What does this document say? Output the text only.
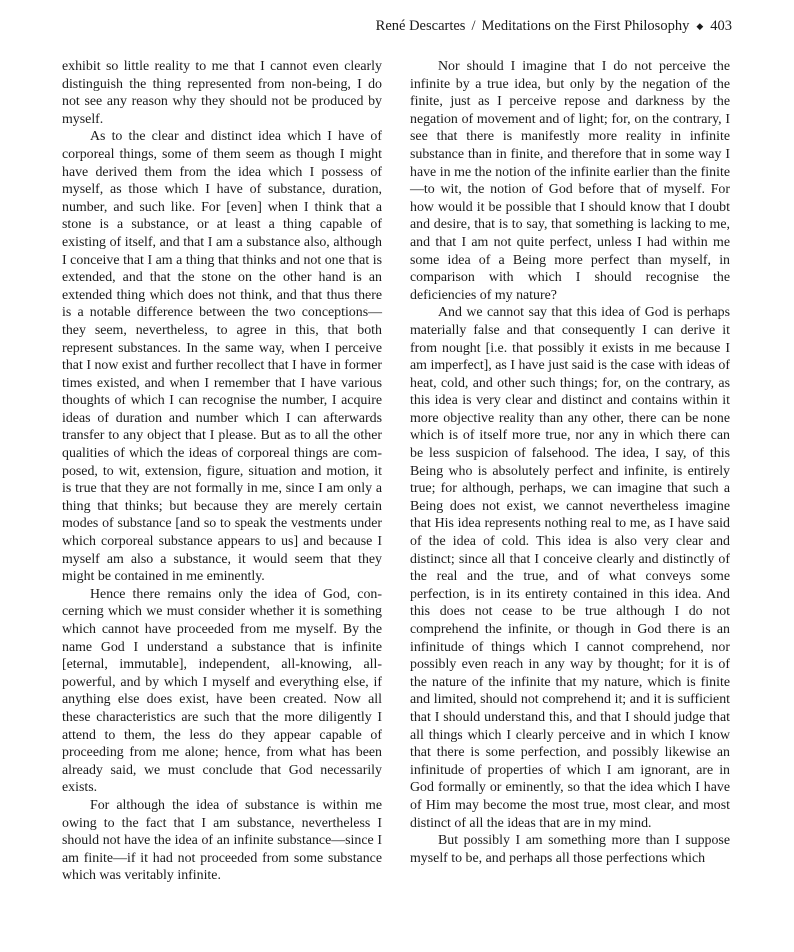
René Descartes / Meditations on the First Philosophy ◆ 403

exhibit so little reality to me that I cannot even clearly distinguish the thing represented from non-being, I do not see any reason why they should not be produced by myself.

As to the clear and distinct idea which I have of corporeal things, some of them seem as though I might have derived them from the idea which I possess of myself, as those which I have of substance, duration, number, and such like. For [even] when I think that a stone is a substance, or at least a thing capable of existing of itself, and that I am a substance also, although I conceive that I am a thing that thinks and not one that is extended, and that the stone on the other hand is an extended thing which does not think, and that thus there is a notable difference between the two conceptions—they seem, nevertheless, to agree in this, that both represent substances. In the same way, when I perceive that I now exist and further recollect that I have in former times existed, and when I remember that I have various thoughts of which I can recognise the number, I acquire ideas of duration and number which I can afterwards transfer to any object that I please. But as to all the other qualities of which the ideas of corporeal things are composed, to wit, extension, figure, situation and motion, it is true that they are not formally in me, since I am only a thing that thinks; but because they are merely certain modes of substance [and so to speak the vestments under which corporeal substance appears to us] and because I myself am also a substance, it would seem that they might be contained in me eminently.

Hence there remains only the idea of God, concerning which we must consider whether it is something which cannot have proceeded from me myself. By the name God I understand a substance that is infinite [eternal, immutable], independent, all-knowing, all-powerful, and by which I myself and everything else, if anything else does exist, have been created. Now all these characteristics are such that the more diligently I attend to them, the less do they appear capable of proceeding from me alone; hence, from what has been already said, we must conclude that God necessarily exists.

For although the idea of substance is within me owing to the fact that I am substance, nevertheless I should not have the idea of an infinite substance—since I am finite—if it had not proceeded from some substance which was veritably infinite.

Nor should I imagine that I do not perceive the infinite by a true idea, but only by the negation of the finite, just as I perceive repose and darkness by the negation of movement and of light; for, on the contrary, I see that there is manifestly more reality in infinite substance than in finite, and therefore that in some way I have in me the notion of the infinite earlier than the finite—to wit, the notion of God before that of myself. For how would it be possible that I should know that I doubt and desire, that is to say, that something is lacking to me, and that I am not quite perfect, unless I had within me some idea of a Being more perfect than myself, in comparison with which I should recognise the deficiencies of my nature?

And we cannot say that this idea of God is perhaps materially false and that consequently I can derive it from nought [i.e. that possibly it exists in me because I am imperfect], as I have just said is the case with ideas of heat, cold, and other such things; for, on the contrary, as this idea is very clear and distinct and contains within it more objective reality than any other, there can be none which is of itself more true, nor any in which there can be less suspicion of falsehood. The idea, I say, of this Being who is absolutely perfect and infinite, is entirely true; for although, perhaps, we can imagine that such a Being does not exist, we cannot nevertheless imagine that His idea represents nothing real to me, as I have said of the idea of cold. This idea is also very clear and distinct; since all that I conceive clearly and distinctly of the real and the true, and of what conveys some perfection, is in its entirety contained in this idea. And this does not cease to be true although I do not comprehend the infinite, or though in God there is an infinitude of things which I cannot comprehend, nor possibly even reach in any way by thought; for it is of the nature of the infinite that my nature, which is finite and limited, should not comprehend it; and it is sufficient that I should understand this, and that I should judge that all things which I clearly perceive and in which I know that there is some perfection, and possibly likewise an infinitude of properties of which I am ignorant, are in God formally or eminently, so that the idea which I have of Him may become the most true, most clear, and most distinct of all the ideas that are in my mind.

But possibly I am something more than I suppose myself to be, and perhaps all those perfections which
